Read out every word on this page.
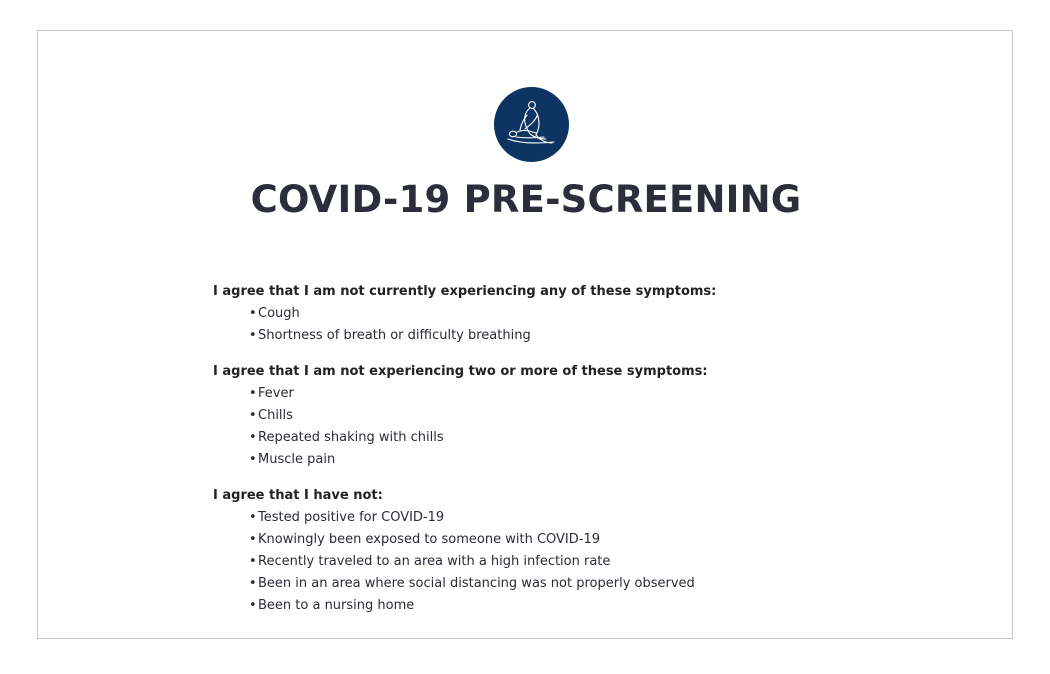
COVID-19 PRE-SCREENING
I agree that I am not currently experiencing any of these symptoms:
•Cough
•Shortness of breath or difficulty breathing
I agree that I am not experiencing two or more of these symptoms:
•Fever
•Chills
•Repeated shaking with chills
•Muscle pain
I agree that I have not:
•Tested positive for COVID-19
•Knowingly been exposed to someone with COVID-19
•Recently traveled to an area with a high infection rate
•Been in an area where social distancing was not properly observed
•Been to a nursing home
